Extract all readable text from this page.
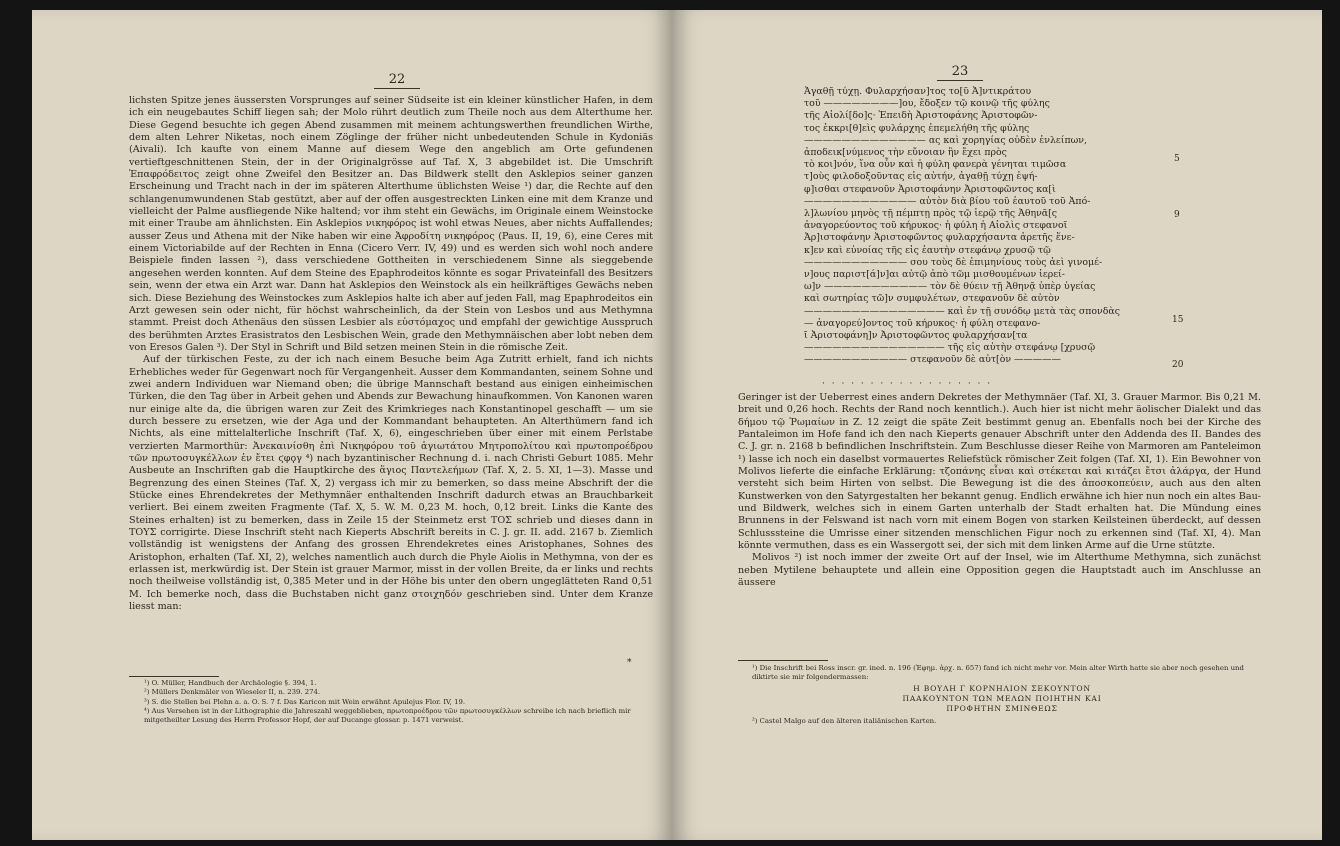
22

lichsten Spitze jenes äussersten Vorsprunges auf seiner Südseite ist ein kleiner künstlicher Hafen, in dem ich ein neugebautes Schiff liegen sah; der Molo rührt deutlich zum Theile noch aus dem Alterthume her. Diese Gegend besuchte ich gegen Abend zusammen mit meinem achtungswerthen freundlichen Wirthe, dem alten Lehrer Niketas, noch einem Zöglinge der früher nicht unbedeutenden Schule in Kydoniäs (Aivali). Ich kaufte von einem Manne auf diesem Wege den angeblich am Orte gefundenen vertieftgeschnittenen Stein, der in der Originalgrösse auf Taf. X, 3 abgebildet ist. Die Umschrift Ἐπαφρόδειτος zeigt ohne Zweifel den Besitzer an. Das Bildwerk stellt den Asklepios seiner ganzen Erscheinung und Tracht nach in der im späteren Alterthume üblichsten Weise ¹) dar, die Rechte auf den schlangenumwundenen Stab gestützt, aber auf der offen ausgestreckten Linken eine mit dem Kranze und vielleicht der Palme ausfliegende Nike haltend; vor ihm steht ein Gewächs, im Originale einem Weinstocke mit einer Traube am ähnlichsten. Ein Asklepios νικηφόρος ist wohl etwas Neues, aber nichts Auffallendes; ausser Zeus und Athena mit der Nike haben wir eine Ἀφροδίτη νικηφόρος (Paus. II, 19, 6), eine Ceres mit einem Victoriabilde auf der Rechten in Enna (Cicero Verr. IV, 49) und es werden sich wohl noch andere Beispiele finden lassen ²), dass verschiedene Gottheiten in verschiedenem Sinne als sieggebende angesehen werden konnten. Auf dem Steine des Epaphrodeitos könnte es sogar Privateinfall des Besitzers sein, wenn der etwa ein Arzt war. Dann hat Asklepios den Weinstock als ein heilkräftiges Gewächs neben sich. Diese Beziehung des Weinstockes zum Asklepios halte ich aber auf jeden Fall, mag Epaphrodeitos ein Arzt gewesen sein oder nicht, für höchst wahrscheinlich, da der Stein von Lesbos und aus Methymna stammt. Preist doch Athenäus den süssen Lesbier als εὐστόμαχος und empfahl der gewichtige Ausspruch des berühmten Arztes Erasistratos den Lesbischen Wein, grade den Methymnäischen aber lobt neben dem von Eresos Galen ³). Der Styl in Schrift und Bild setzen meinen Stein in die römische Zeit.

Auf der türkischen Feste, zu der ich nach einem Besuche beim Aga Zutritt erhielt, fand ich nichts Erhebliches weder für Gegenwart noch für Vergangenheit. Ausser dem Kommandanten, seinem Sohne und zwei andern Individuen war Niemand oben; die übrige Mannschaft bestand aus einigen einheimischen Türken, die den Tag über in Arbeit gehen und Abends zur Bewachung hinaufkommen. Von Kanonen waren nur einige alte da, die übrigen waren zur Zeit des Krimkrieges nach Konstantinopel geschafft — um sie durch bessere zu ersetzen, wie der Aga und der Kommandant behaupteten. An Alterthümern fand ich Nichts, als eine mittelalterliche Inschrift (Taf. X, 6), eingeschrieben über einer mit einem Perlstabe verzierten Marmorthür: Ἀνεκαινίσθη ἐπὶ Νικηφόρου τοῦ ἁγιωτάτου Μητροπολίτου καὶ πρωτοπροέδρου τῶν πρωτοσυγκέλλων ἐν ἔτει ϛφϙγ ⁴) nach byzantinischer Rechnung d. i. nach Christi Geburt 1085. Mehr Ausbeute an Inschriften gab die Hauptkirche des ἅγιος Παντελεήμων (Taf. X, 2. 5. XI, 1—3). Masse und Begrenzung des einen Steines (Taf. X, 2) vergass ich mir zu bemerken, so dass meine Abschrift der die Stücke eines Ehrendekretes der Methymnäer enthaltenden Inschrift dadurch etwas an Brauchbarkeit verliert. Bei einem zweiten Fragmente (Taf. X, 5. W. M. 0,23 M. hoch, 0,12 breit. Links die Kante des Steines erhalten) ist zu bemerken, dass in Zeile 15 der Steinmetz erst ΤΟΣ schrieb und dieses dann in ΤΟΥΣ corrigirte. Diese Inschrift steht nach Kieperts Abschrift bereits in C. J. gr. II. add. 2167 b. Ziemlich vollständig ist wenigstens der Anfang des grossen Ehrendekretes eines Aristophanes, Sohnes des Aristophon, erhalten (Taf. XI, 2), welches namentlich auch durch die Phyle Aiolis in Methymna, von der es erlassen ist, merkwürdig ist. Der Stein ist grauer Marmor, misst in der vollen Breite, da er links und rechts noch theilweise vollständig ist, 0,385 Meter und in der Höhe bis unter den obern ungeglätteten Rand 0,51 M. Ich bemerke noch, dass die Buchstaben nicht ganz στοιχηδόν geschrieben sind. Unter dem Kranze liesst man:

*

¹) O. Müller, Handbuch der Archäologie §. 394, 1.

²) Müllers Denkmäler von Wieseler II, n. 239. 274.

³) S. die Stellen bei Plehn a. a. O. S. 7 f. Das Karicon mit Wein erwähnt Apulejus Flor. IV, 19.

⁴) Aus Versehen ist in der Lithographie die Jahreszahl weggeblieben, πρωτοπροέδρου τῶν πρωτοσυγκέλλων schreibe ich nach brieflich mir mitgetheilter Lesung des Herrn Professor Hopf, der auf Ducange glossar. p. 1471 verweist.

23
Ἀγαθῇ τύχῃ. Φυλαρχήσαν]τος το[ῦ Ἀ]ντικράτου
τοῦ ————————]ου, ἔδοξεν τῷ κοινῷ τῆς φύλης
τῆς Αἰολί[δο]ς· Ἐπειδὴ Ἀριστοφάνης Ἀριστοφῶν-
τος ἐκκρι[θ]εὶς φυλάρχης ἐπεμελήθη τῆς φύλης
————————————— ας καὶ χορηγίας οὐδὲν ἐνλείπων,
ἀποδεικ[νύμενος τὴν εὔνοιαν ἣν ἔχει πρὸς
τὸ κοι]νόν, ἵνα οὖν καὶ ἡ φύλη φανερὰ γένηται τιμῶσα
τ]οὺς φιλοδοξοῦντας εἰς αὐτήν, ἀγαθῇ τύχῃ ἐψή-
φ]ισθαι στεφανοῦν Ἀριστοφάνην Ἀριστοφῶντος κα[ὶ
———————————— αὐτὸν διὰ βίου τοῦ ἑαυτοῦ τοῦ Ἀπό-
λ]λωνίου μηνὸς τῇ πέμπτῃ πρὸς τῷ ἱερῷ τῆς Ἀθηνᾶ[ς
ἀναγορεύοντος τοῦ κήρυκος· ἡ φύλη ἡ Αἰολὶς στεφανοῖ
Ἀρ]ιστοφάνην Ἀριστοφῶντος φυλαρχήσαντα ἀρετῆς ἕνε-
κ]εν καὶ εὐνοίας τῆς εἰς ἑαυτὴν στεφάνῳ χρυσῷ τῷ
——————————— σου τοὺς δὲ ἐπιμηνίους τοὺς ἀεὶ γινομέ-
ν]ους παριστ[ά]ν]αι αὐτῷ ἀπὸ τῶμ μισθουμένων ἱερεί-
ω]ν ——————————— τὸν δὲ θύειν τῇ Ἀθηνᾷ ὑπὲρ ὑγείας
καὶ σωτηρίας τῶ]ν συμφυλέτων, στεφανοῦν δὲ αὐτὸν
——————————————— καὶ ἐν τῇ συνόδῳ μετὰ τὰς σπονδὰς
— ἀναγορεύ]οντος τοῦ κήρυκος· ἡ φύλη στεφανο-
ῖ Ἀριστοφάνη]ν Ἀριστοφῶντος φυλαρχήσαν[τα
——————————————— τῆς εἰς αὐτὴν στεφάνῳ [χρυσῷ
——————————— στεφανοῦν δὲ αὐτ[ὸν —————
5
9
15
20
· · · · · · · · · · · · · · · · · ·

Geringer ist der Ueberrest eines andern Dekretes der Methymnäer (Taf. XI, 3. Grauer Marmor. Bis 0,21 M. breit und 0,26 hoch. Rechts der Rand noch kenntlich.). Auch hier ist nicht mehr äolischer Dialekt und das δήμου τῷ Ῥωμαίων in Z. 12 zeigt die späte Zeit bestimmt genug an. Ebenfalls noch bei der Kirche des Pantaleimon im Hofe fand ich den nach Kieperts genauer Abschrift unter den Addenda des II. Bandes des C. J. gr. n. 2168 b befindlichen Inschriftstein. Zum Beschlusse dieser Reihe von Marmoren am Panteleimon ¹) lasse ich noch ein daselbst vormauertes Reliefstück römischer Zeit folgen (Taf. XI, 1). Ein Bewohner von Molivos lieferte die einfache Erklärung: τζοπάνης εἶναι καὶ στέκεται καὶ κιτάζει ἔτσι ἀλάργα, der Hund versteht sich beim Hirten von selbst. Die Bewegung ist die des ἀποσκοπεύειν, auch aus den alten Kunstwerken von den Satyrgestalten her bekannt genug. Endlich erwähne ich hier nun noch ein altes Bau- und Bildwerk, welches sich in einem Garten unterhalb der Stadt erhalten hat. Die Mündung eines Brunnens in der Felswand ist nach vorn mit einem Bogen von starken Keilsteinen überdeckt, auf dessen Schlusssteine die Umrisse einer sitzenden menschlichen Figur noch zu erkennen sind (Taf. XI, 4). Man könnte vermuthen, dass es ein Wassergott sei, der sich mit dem linken Arme auf die Urne stützte.

Molivos ²) ist noch immer der zweite Ort auf der Insel, wie im Alterthume Methymna, sich zunächst neben Mytilene behauptete und allein eine Opposition gegen die Hauptstadt auch im Anschlusse an äussere

¹) Die Inschrift bei Ross inscr. gr. ined. n. 196 (Ἐφημ. ἀρχ. n. 657) fand ich nicht mehr vor. Mein alter Wirth hatte sie aber noch gesehen und diktirte sie mir folgendermassen:
Η ΒΟΥΛΗ Γ ΚΟΡΝΗΛΙΟΝ ΣΕΚΟΥΝΤΟΝ
ΠΑΑΚΟΥΝΤΟΝ ΤΩΝ ΜΕΛΩΝ ΠΟΙΗΤΗΝ ΚΑΙ
ΠΡΟΦΗΤΗΝ ΣΜΙΝΘΕΩΣ
²) Castel Malgo auf den älteren italiänischen Karten.
